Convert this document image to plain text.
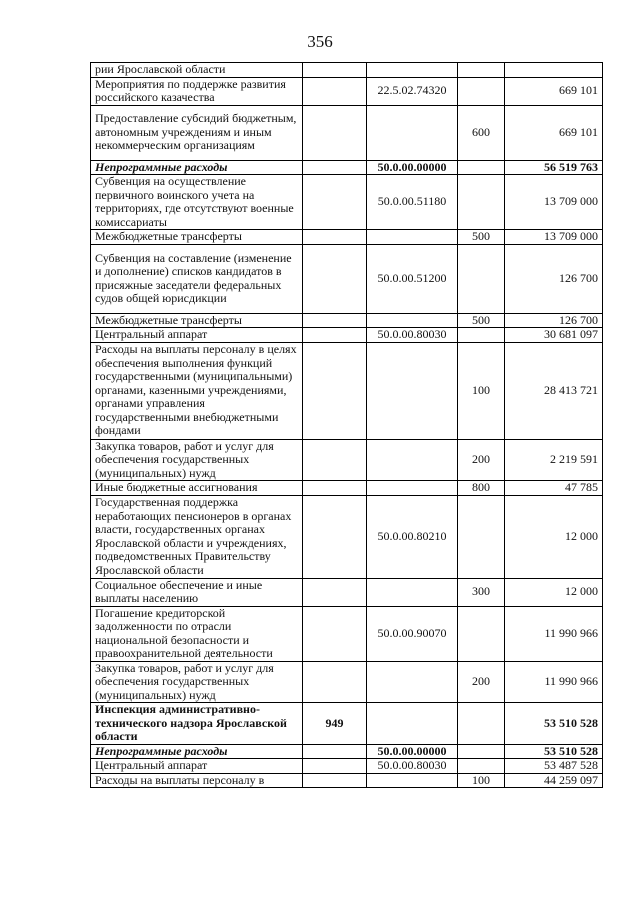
356
рии Ярославской области				
Мероприятия по поддержке развития российского казачества		22.5.02.74320		669 101
Предоставление субсидий бюджетным, автономным учреждениям и иным некоммерческим организациям			600	669 101
Непрограммные расходы		50.0.00.00000		56 519 763
Субвенция на осуществление первичного воинского учета на территориях, где отсутствуют военные комиссариаты		50.0.00.51180		13 709 000
Межбюджетные трансферты			500	13 709 000
Субвенция на составление (изменение и дополнение) списков кандидатов в присяжные заседатели федеральных судов общей юрисдикции		50.0.00.51200		126 700
Межбюджетные трансферты			500	126 700
Центральный аппарат		50.0.00.80030		30 681 097
Расходы на выплаты персоналу в целях обеспечения выполнения функций государственными (муниципальными) органами, казенными учреждениями, органами управления государственными внебюджетными фондами			100	28 413 721
Закупка товаров, работ и услуг для обеспечения государственных (муниципальных) нужд			200	2 219 591
Иные бюджетные ассигнования			800	47 785
Государственная поддержка неработающих пенсионеров в органах власти, государственных органах Ярославской области и учреждениях, подведомственных Правительству Ярославской области		50.0.00.80210		12 000
Социальное обеспечение и иные выплаты населению			300	12 000
Погашение кредиторской задолженности по отрасли национальной безопасности и правоохранительной деятельности		50.0.00.90070		11 990 966
Закупка товаров, работ и услуг для обеспечения государственных (муниципальных) нужд			200	11 990 966
Инспекция административно-технического надзора Ярославской области	949			53 510 528
Непрограммные расходы		50.0.00.00000		53 510 528
Центральный аппарат		50.0.00.80030		53 487 528
Расходы на выплаты персоналу в			100	44 259 097
